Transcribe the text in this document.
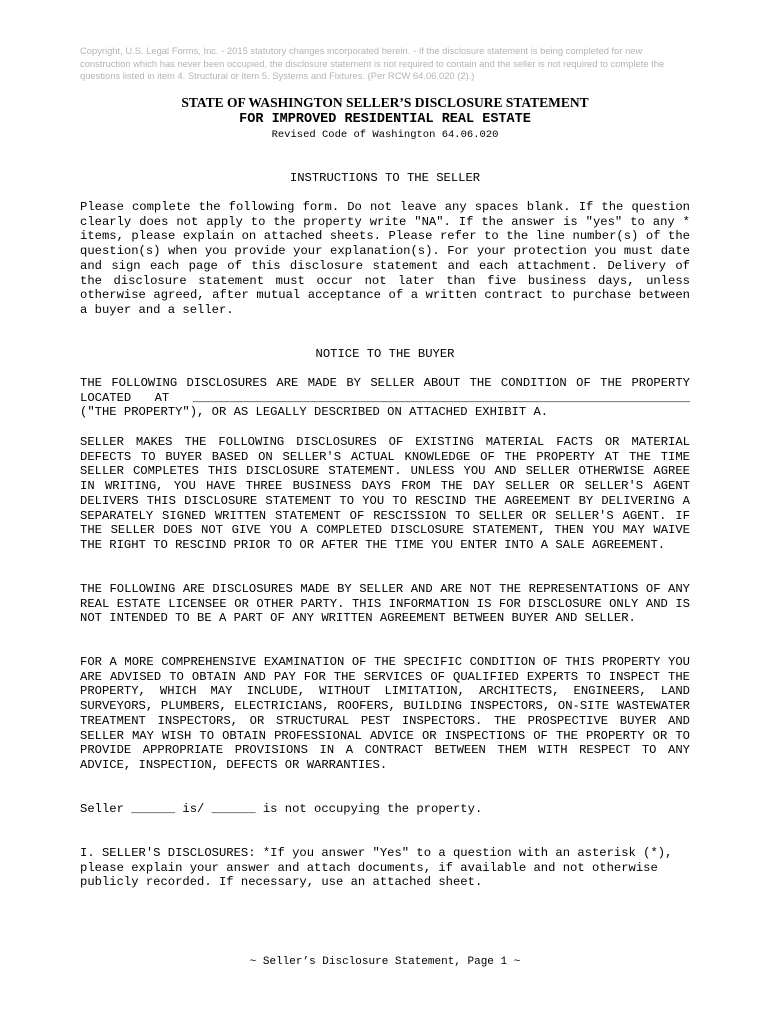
Copyright, U.S. Legal Forms, Inc. - 2015 statutory changes incorporated herein. - If the disclosure statement is being completed for new construction which has never been occupied, the disclosure statement is not required to contain and the seller is not required to complete the questions listed in item 4. Structural or item 5. Systems and Fixtures. (Per RCW 64.06.020 (2).)
STATE OF WASHINGTON SELLER’S DISCLOSURE STATEMENT
FOR IMPROVED RESIDENTIAL REAL ESTATE
Revised Code of Washington 64.06.020
INSTRUCTIONS TO THE SELLER
Please complete the following form. Do not leave any spaces blank. If the question clearly does not apply to the property write "NA". If the answer is "yes" to any * items, please explain on attached sheets. Please refer to the line number(s) of the question(s) when you provide your explanation(s). For your protection you must date and sign each page of this disclosure statement and each attachment. Delivery of the disclosure statement must occur not later than five business days, unless otherwise agreed, after mutual acceptance of a written contract to purchase between a buyer and a seller.
NOTICE TO THE BUYER
THE FOLLOWING DISCLOSURES ARE MADE BY SELLER ABOUT THE CONDITION OF THE PROPERTY LOCATED AT ____________________________________________________________________ ("THE PROPERTY"), OR AS LEGALLY DESCRIBED ON ATTACHED EXHIBIT A.
SELLER MAKES THE FOLLOWING DISCLOSURES OF EXISTING MATERIAL FACTS OR MATERIAL DEFECTS TO BUYER BASED ON SELLER'S ACTUAL KNOWLEDGE OF THE PROPERTY AT THE TIME SELLER COMPLETES THIS DISCLOSURE STATEMENT. UNLESS YOU AND SELLER OTHERWISE AGREE IN WRITING, YOU HAVE THREE BUSINESS DAYS FROM THE DAY SELLER OR SELLER'S AGENT DELIVERS THIS DISCLOSURE STATEMENT TO YOU TO RESCIND THE AGREEMENT BY DELIVERING A SEPARATELY SIGNED WRITTEN STATEMENT OF RESCISSION TO SELLER OR SELLER'S AGENT. IF THE SELLER DOES NOT GIVE YOU A COMPLETED DISCLOSURE STATEMENT, THEN YOU MAY WAIVE THE RIGHT TO RESCIND PRIOR TO OR AFTER THE TIME YOU ENTER INTO A SALE AGREEMENT.
THE FOLLOWING ARE DISCLOSURES MADE BY SELLER AND ARE NOT THE REPRESENTATIONS OF ANY REAL ESTATE LICENSEE OR OTHER PARTY. THIS INFORMATION IS FOR DISCLOSURE ONLY AND IS NOT INTENDED TO BE A PART OF ANY WRITTEN AGREEMENT BETWEEN BUYER AND SELLER.
FOR A MORE COMPREHENSIVE EXAMINATION OF THE SPECIFIC CONDITION OF THIS PROPERTY YOU ARE ADVISED TO OBTAIN AND PAY FOR THE SERVICES OF QUALIFIED EXPERTS TO INSPECT THE PROPERTY, WHICH MAY INCLUDE, WITHOUT LIMITATION, ARCHITECTS, ENGINEERS, LAND SURVEYORS, PLUMBERS, ELECTRICIANS, ROOFERS, BUILDING INSPECTORS, ON-SITE WASTEWATER TREATMENT INSPECTORS, OR STRUCTURAL PEST INSPECTORS. THE PROSPECTIVE BUYER AND SELLER MAY WISH TO OBTAIN PROFESSIONAL ADVICE OR INSPECTIONS OF THE PROPERTY OR TO PROVIDE APPROPRIATE PROVISIONS IN A CONTRACT BETWEEN THEM WITH RESPECT TO ANY ADVICE, INSPECTION, DEFECTS OR WARRANTIES.
Seller ______ is/ ______ is not occupying the property.
I. SELLER'S DISCLOSURES: *If you answer "Yes" to a question with an asterisk (*), please explain your answer and attach documents, if available and not otherwise publicly recorded. If necessary, use an attached sheet.
~ Seller’s Disclosure Statement, Page 1 ~
